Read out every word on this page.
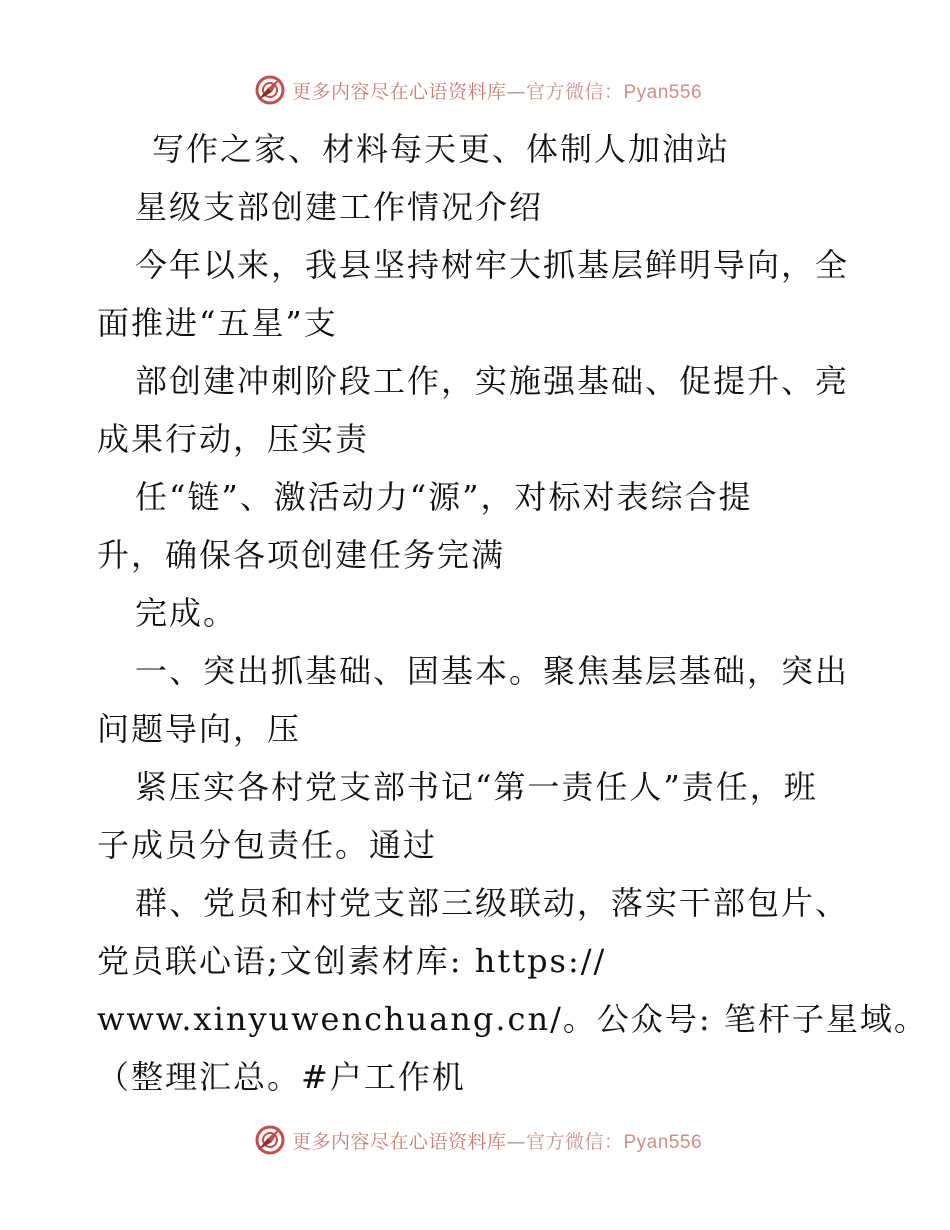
更多内容尽在心语资料库—官方微信：Pyan556
写作之家、材料每天更、体制人加油站
星级支部创建工作情况介绍
今年以来，我县坚持树牢大抓基层鲜明导向，全
面推进“五星”支
部创建冲刺阶段工作，实施强基础、促提升、亮
成果行动，压实责
任“链”、激活动力“源”，对标对表综合提
升，确保各项创建任务完满
完成。
一、突出抓基础、固基本。聚焦基层基础，突出
问题导向，压
紧压实各村党支部书记“第一责任人”责任，班
子成员分包责任。通过
群、党员和村党支部三级联动，落实干部包片、
党员联心语;文创素材库: https://
www.xinyuwenchuang.cn/。公众号: 笔杆子星域。
（整理汇总。#户工作机
更多内容尽在心语资料库—官方微信：Pyan556
